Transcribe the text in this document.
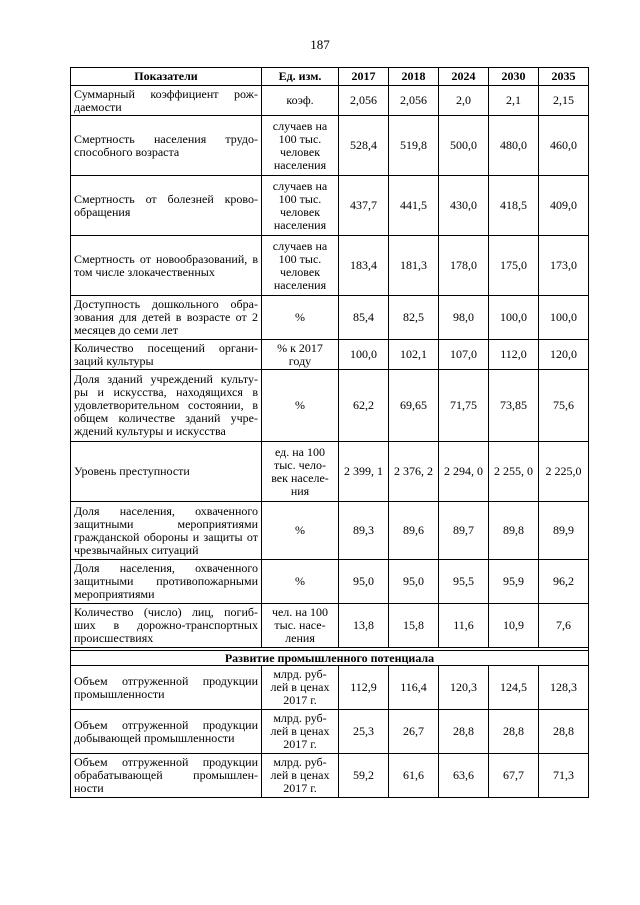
187
Показатели	Ед. изм.	2017	2018	2024	2030	2035
Суммарный коэффициент рож- даемости	коэф.	2,056	2,056	2,0	2,1	2,15
Смертность населения трудо- способного возраста	случаев на 100 тыс. человек населения	528,4	519,8	500,0	480,0	460,0
Смертность от болезней крово- обращения	случаев на 100 тыс. человек населения	437,7	441,5	430,0	418,5	409,0
Смертность от новообразований, в том числе злокачественных	случаев на 100 тыс. человек населения	183,4	181,3	178,0	175,0	173,0
Доступность дошкольного обра- зования для детей в возрасте от 2 месяцев до семи лет	%	85,4	82,5	98,0	100,0	100,0
Количество посещений органи- заций культуры	% к 2017 году	100,0	102,1	107,0	112,0	120,0
Доля зданий учреждений культу- ры и искусства, находящихся в удовлетворительном состоянии, в общем количестве зданий учре- ждений культуры и искусства	%	62,2	69,65	71,75	73,85	75,6
Уровень преступности	ед. на 100 тыс. чело- век населе- ния	2 399, 1	2 376, 2	2 294, 0	2 255, 0	2 225,0
Доля населения, охваченного защитными мероприятиями гражданской обороны и защиты от чрезвычайных ситуаций	%	89,3	89,6	89,7	89,8	89,9
Доля населения, охваченного защитными противопожарными мероприятиями	%	95,0	95,0	95,5	95,9	96,2
Количество (число) лиц, погиб- ших в дорожно-транспортных происшествиях	чел. на 100 тыс. насе- ления	13,8	15,8	11,6	10,9	7,6

Развитие промышленного потенциала						
Объем отгруженной продукции промышленности	млрд. руб- лей в ценах 2017 г.	112,9	116,4	120,3	124,5	128,3
Объем отгруженной продукции добывающей промышленности	млрд. руб- лей в ценах 2017 г.	25,3	26,7	28,8	28,8	28,8
Объем отгруженной продукции обрабатывающей промышлен- ности	млрд. руб- лей в ценах 2017 г.	59,2	61,6	63,6	67,7	71,3
